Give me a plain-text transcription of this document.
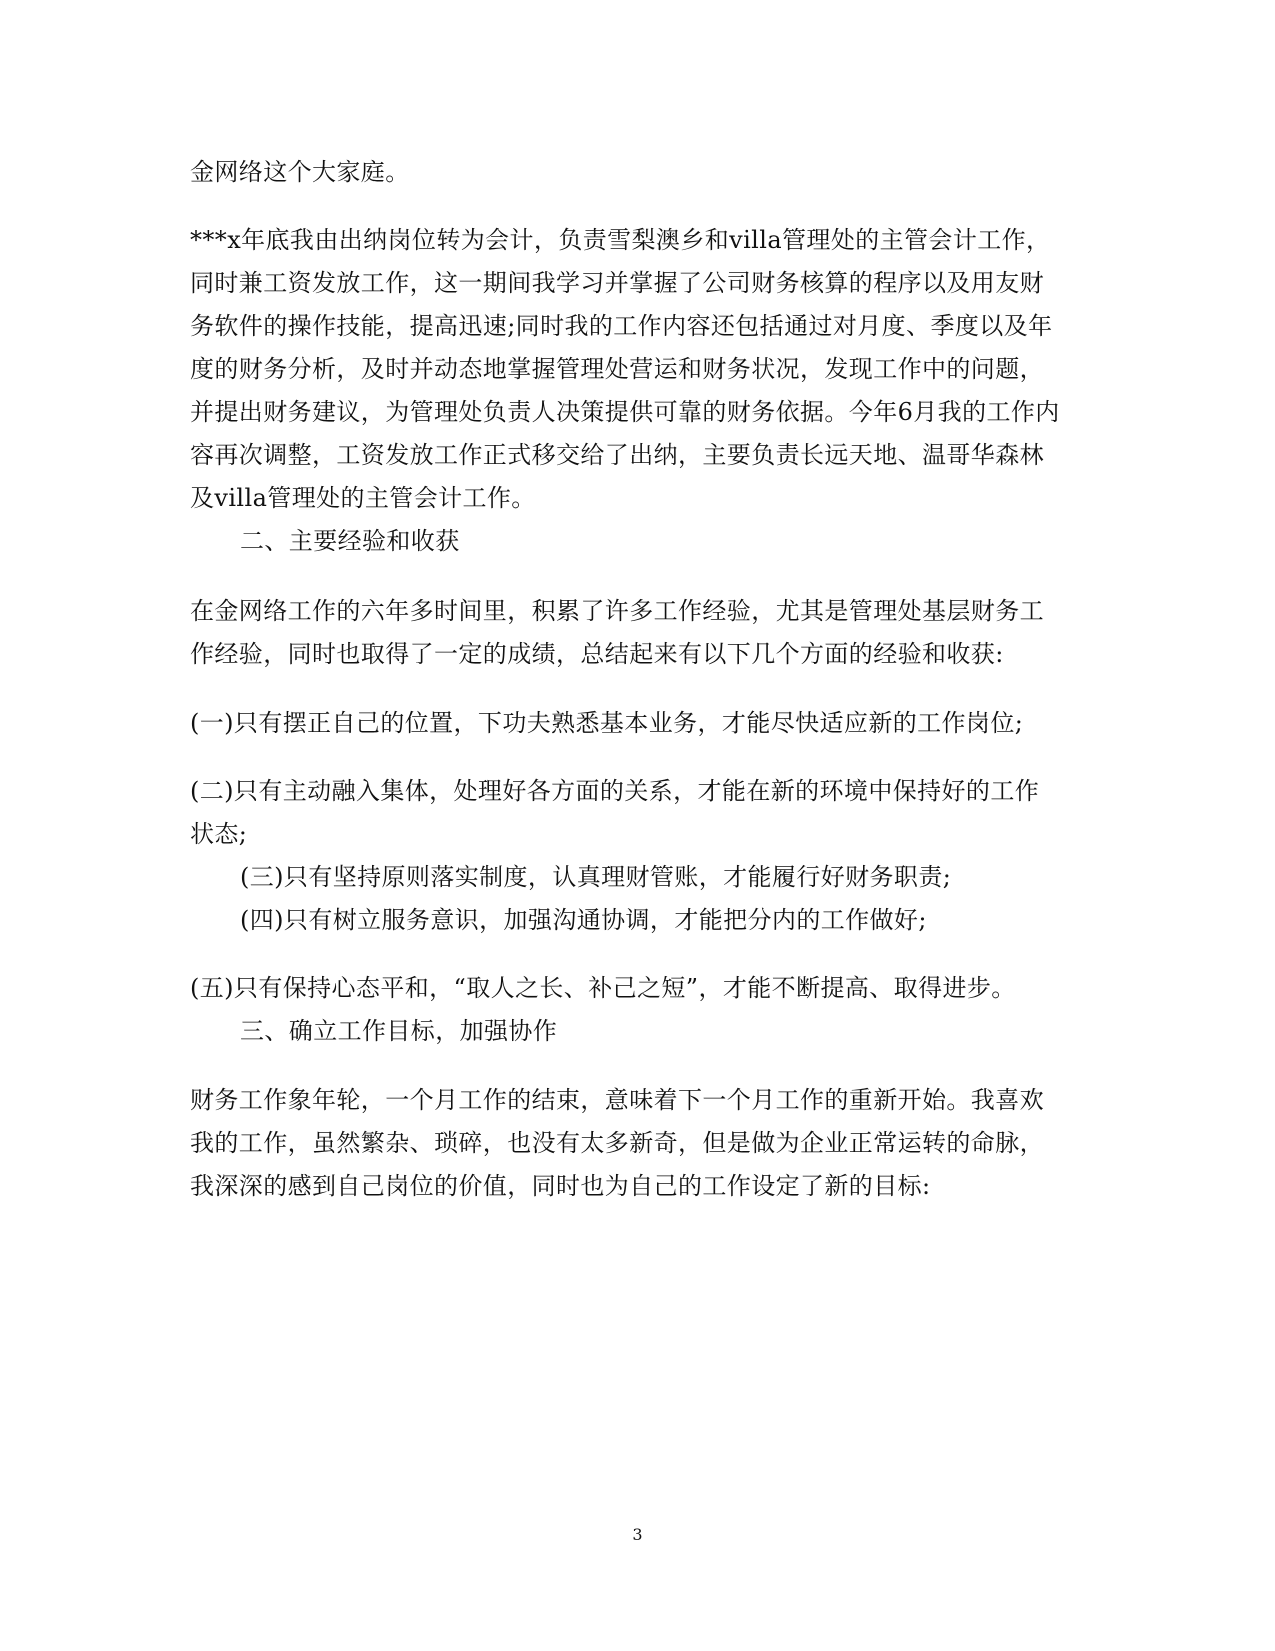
金网络这个大家庭。
***x年底我由出纳岗位转为会计，负责雪梨澳乡和villa管理处的主管会计工作，
同时兼工资发放工作，这一期间我学习并掌握了公司财务核算的程序以及用友财
务软件的操作技能，提高迅速;同时我的工作内容还包括通过对月度、季度以及年
度的财务分析，及时并动态地掌握管理处营运和财务状况，发现工作中的问题，
并提出财务建议，为管理处负责人决策提供可靠的财务依据。今年6月我的工作内
容再次调整，工资发放工作正式移交给了出纳，主要负责长远天地、温哥华森林
及villa管理处的主管会计工作。
二、主要经验和收获
在金网络工作的六年多时间里，积累了许多工作经验，尤其是管理处基层财务工
作经验，同时也取得了一定的成绩，总结起来有以下几个方面的经验和收获:
(一)只有摆正自己的位置，下功夫熟悉基本业务，才能尽快适应新的工作岗位;
(二)只有主动融入集体，处理好各方面的关系，才能在新的环境中保持好的工作
状态;
(三)只有坚持原则落实制度，认真理财管账，才能履行好财务职责;
(四)只有树立服务意识，加强沟通协调，才能把分内的工作做好;
(五)只有保持心态平和，“取人之长、补己之短”，才能不断提高、取得进步。
三、确立工作目标，加强协作
财务工作象年轮，一个月工作的结束，意味着下一个月工作的重新开始。我喜欢
我的工作，虽然繁杂、琐碎，也没有太多新奇，但是做为企业正常运转的命脉，
我深深的感到自己岗位的价值，同时也为自己的工作设定了新的目标:
3
